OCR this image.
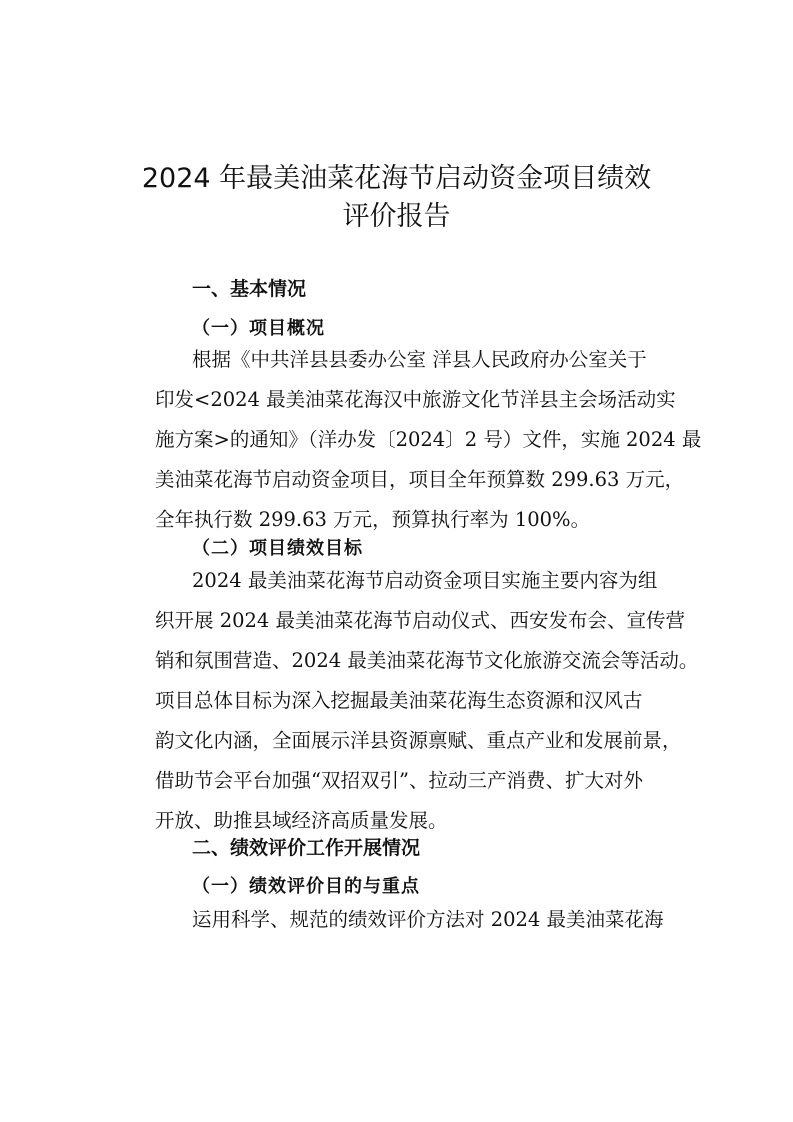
2024 年最美油菜花海节启动资金项目绩效
评价报告
一、基本情况
（一）项目概况
根据《中共洋县县委办公室 洋县人民政府办公室关于
印发<2024 最美油菜花海汉中旅游文化节洋县主会场活动实
施方案>的通知》（洋办发〔2024〕2 号）文件，实施 2024 最
美油菜花海节启动资金项目，项目全年预算数 299.63 万元，
全年执行数 299.63 万元，预算执行率为 100%。
（二）项目绩效目标
2024 最美油菜花海节启动资金项目实施主要内容为组
织开展 2024 最美油菜花海节启动仪式、西安发布会、宣传营
销和氛围营造、2024 最美油菜花海节文化旅游交流会等活动。
项目总体目标为深入挖掘最美油菜花海生态资源和汉风古
韵文化内涵，全面展示洋县资源禀赋、重点产业和发展前景，
借助节会平台加强“双招双引”、拉动三产消费、扩大对外
开放、助推县域经济高质量发展。
二、绩效评价工作开展情况
（一）绩效评价目的与重点
运用科学、规范的绩效评价方法对 2024 最美油菜花海
